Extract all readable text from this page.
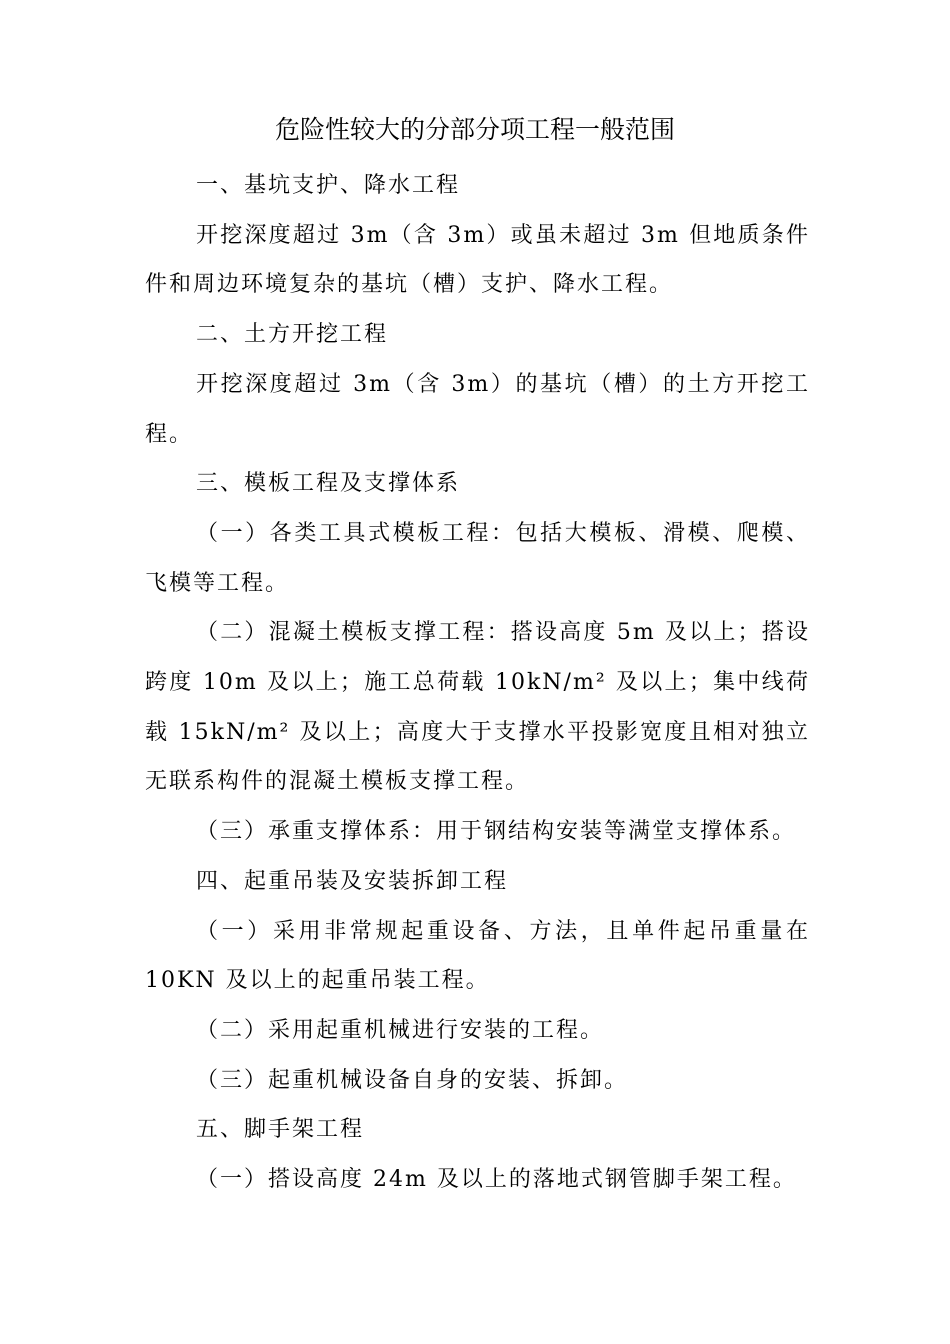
危险性较大的分部分项工程一般范围

一、基坑支护、降水工程

开挖深度超过 3m（含 3m）或虽未超过 3m 但地质条件件和周边环境复杂的基坑（槽）支护、降水工程。

二、土方开挖工程

开挖深度超过 3m（含 3m）的基坑（槽）的土方开挖工程。

三、模板工程及支撑体系

（一）各类工具式模板工程：包括大模板、滑模、爬模、飞模等工程。

（二）混凝土模板支撑工程：搭设高度 5m 及以上；搭设跨度 10m 及以上；施工总荷载 10kN/m² 及以上；集中线荷载 15kN/m² 及以上；高度大于支撑水平投影宽度且相对独立无联系构件的混凝土模板支撑工程。

（三）承重支撑体系：用于钢结构安装等满堂支撑体系。

四、起重吊装及安装拆卸工程

（一）采用非常规起重设备、方法，且单件起吊重量在 10KN 及以上的起重吊装工程。

（二）采用起重机械进行安装的工程。

（三）起重机械设备自身的安装、拆卸。

五、脚手架工程

（一）搭设高度 24m 及以上的落地式钢管脚手架工程。
